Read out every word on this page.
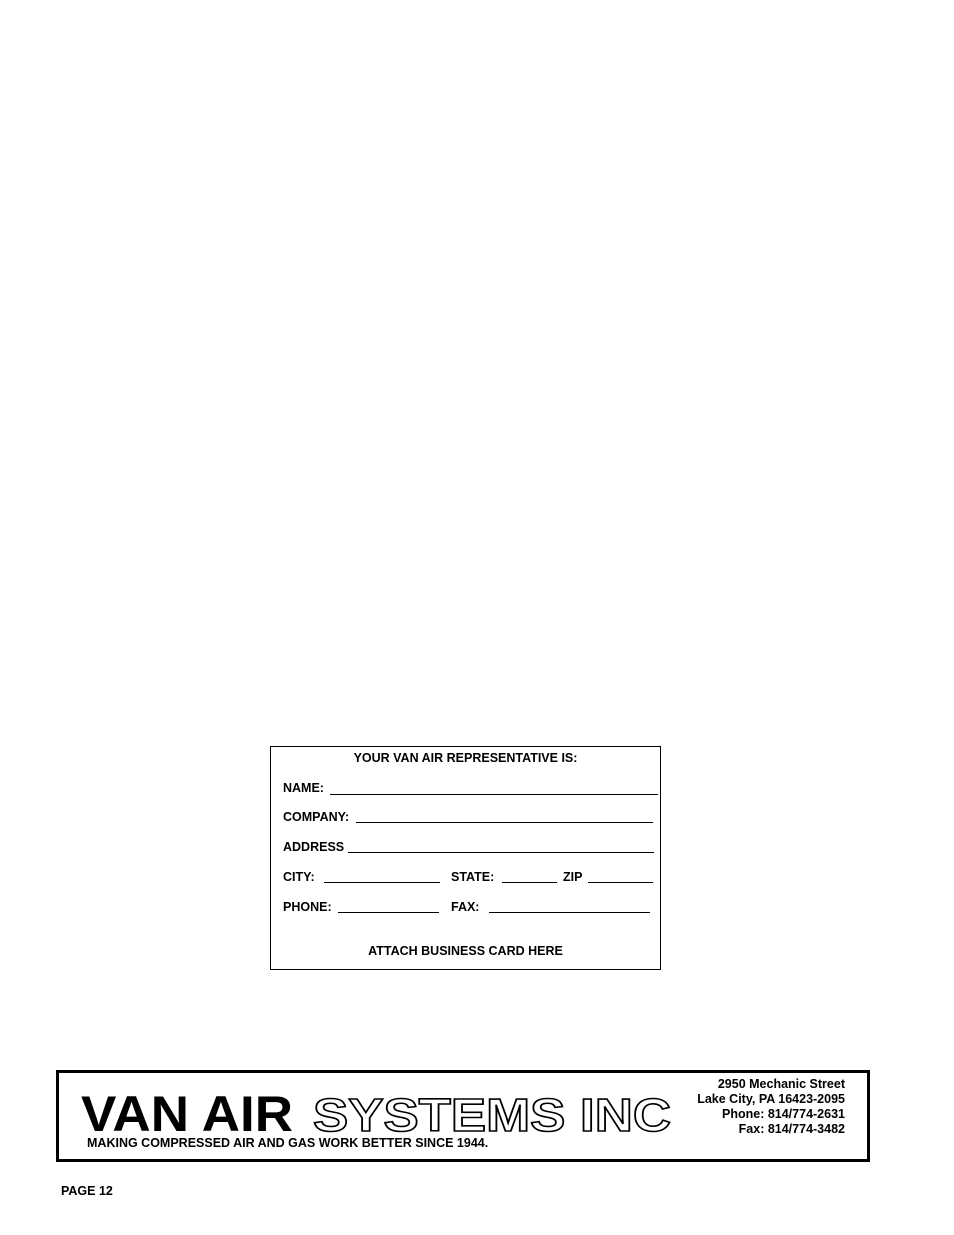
YOUR VAN AIR REPRESENTATIVE IS:
NAME:
COMPANY:
ADDRESS
CITY:	STATE:	ZIP
PHONE:	FAX:
ATTACH BUSINESS CARD HERE
VAN AIR SYSTEMS INC
MAKING COMPRESSED AIR AND GAS WORK BETTER SINCE 1944.
2950 Mechanic Street
Lake City, PA 16423-2095
Phone: 814/774-2631
Fax: 814/774-3482
PAGE 12
